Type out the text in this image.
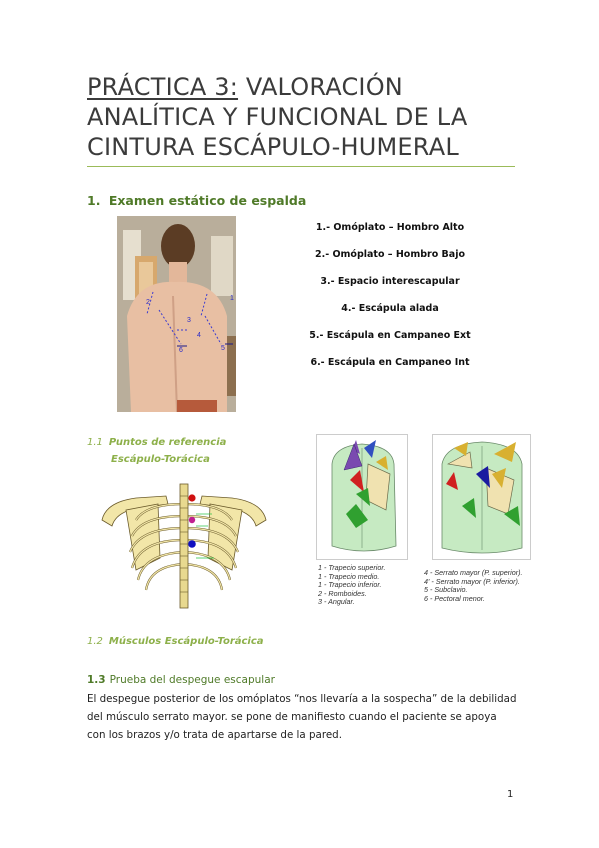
PRÁCTICA 3: VALORACIÓN ANALÍTICA Y FUNCIONAL DE LA CINTURA ESCÁPULO-HUMERAL
1. Examen estático de espalda
1
2
3
4
5
6
1.- Omóplato – Hombro Alto
2.- Omóplato – Hombro Bajo
3.- Espacio interescapular
4.- Escápula alada
5.- Escápula en Campaneo Ext
6.- Escápula en Campaneo Int
1.1 Puntos de referencia
Escápulo-Torácica
1 - Trapecio superior.
1 - Trapecio medio.
1 - Trapecio inferior.
2 - Romboides.
3 - Angular.
4 - Serrato mayor (P. superior).
4' - Serrato mayor (P. inferior).
5 - Subclavio.
6 - Pectoral menor.
1.2 Músculos Escápulo-Torácica
1.3 Prueba del despegue escapular
El despegue posterior de los omóplatos “nos llevaría a la sospecha” de la debilidad del músculo serrato mayor. se pone de manifiesto cuando el paciente se apoya con los brazos y/o trata de apartarse de la pared.
1
